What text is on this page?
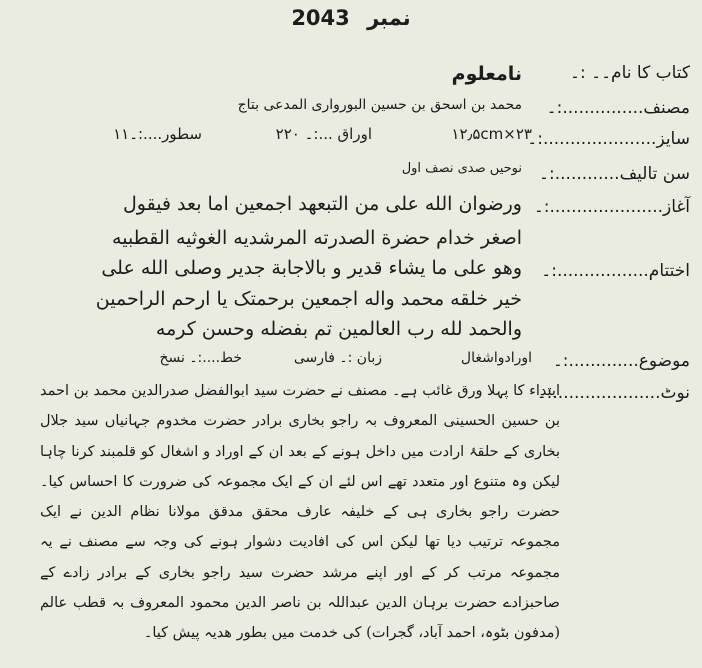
2043 نمبر
کتاب کا نام۔۔ :۔
مصنف...............:۔
سایز.....................:۔
سن تالیف............:۔
آغاز.....................:۔
اختتام.................:۔
موضوع.............:۔
نوٹ....................:۔
نامعلوم
محمد بن اسحق بن حسین البورواری المدعی بتاج
۲۳×۱۲٫۵cm
اوراق ...:۔ ۲۲۰
سطور....:۔۱۱
نوحیں صدی نصف اول
ورضوان الله علی من التبعهد اجمعین اما بعد فیقول
اصغر خدام حضرة الصدرته المرشدیه الغوثیه القطبیه
وهو علی ما یشاء قدیر و بالاجابة جدیر وصلی الله علی
خیر خلقه محمد واله اجمعین برحمتک یا ارحم الراحمین
والحمد لله رب العالمین تم بفضله وحسن کرمه
اورادواشغال
زبان :۔ فارسی
خط....:۔ نسخ
ابتداء کا پہلا ورق غائب ہے۔ مصنف نے حضرت سید ابوالفضل صدرالدین محمد بن احمد بن حسین الحسینی المعروف بہ راجو بخاری برادر حضرت مخدوم جہانیاں سید جلال بخاری کے حلقۂ ارادت میں داخل ہونے کے بعد ان کے اوراد و اشغال کو قلمبند کرنا چاہا لیکن وہ متنوع اور متعدد تھے اس لئے ان کے ایک مجموعہ کی ضرورت کا احساس کیا۔ حضرت راجو بخاری ہی کے خلیفہ عارف محقق مدقق مولانا نظام الدین نے ایک مجموعہ ترتیب دیا تھا لیکن اس کی افادیت دشوار ہونے کی وجہ سے مصنف نے یہ مجموعہ مرتب کر کے اور اپنے مرشد حضرت سید راجو بخاری کے برادر زادے کے صاحبزادے حضرت برہان الدین عبداللہ بن ناصر الدین محمود المعروف بہ قطب عالم (مدفون بٹوہ، احمد آباد، گجرات) کی خدمت میں بطور ھدیہ پیش کیا۔
